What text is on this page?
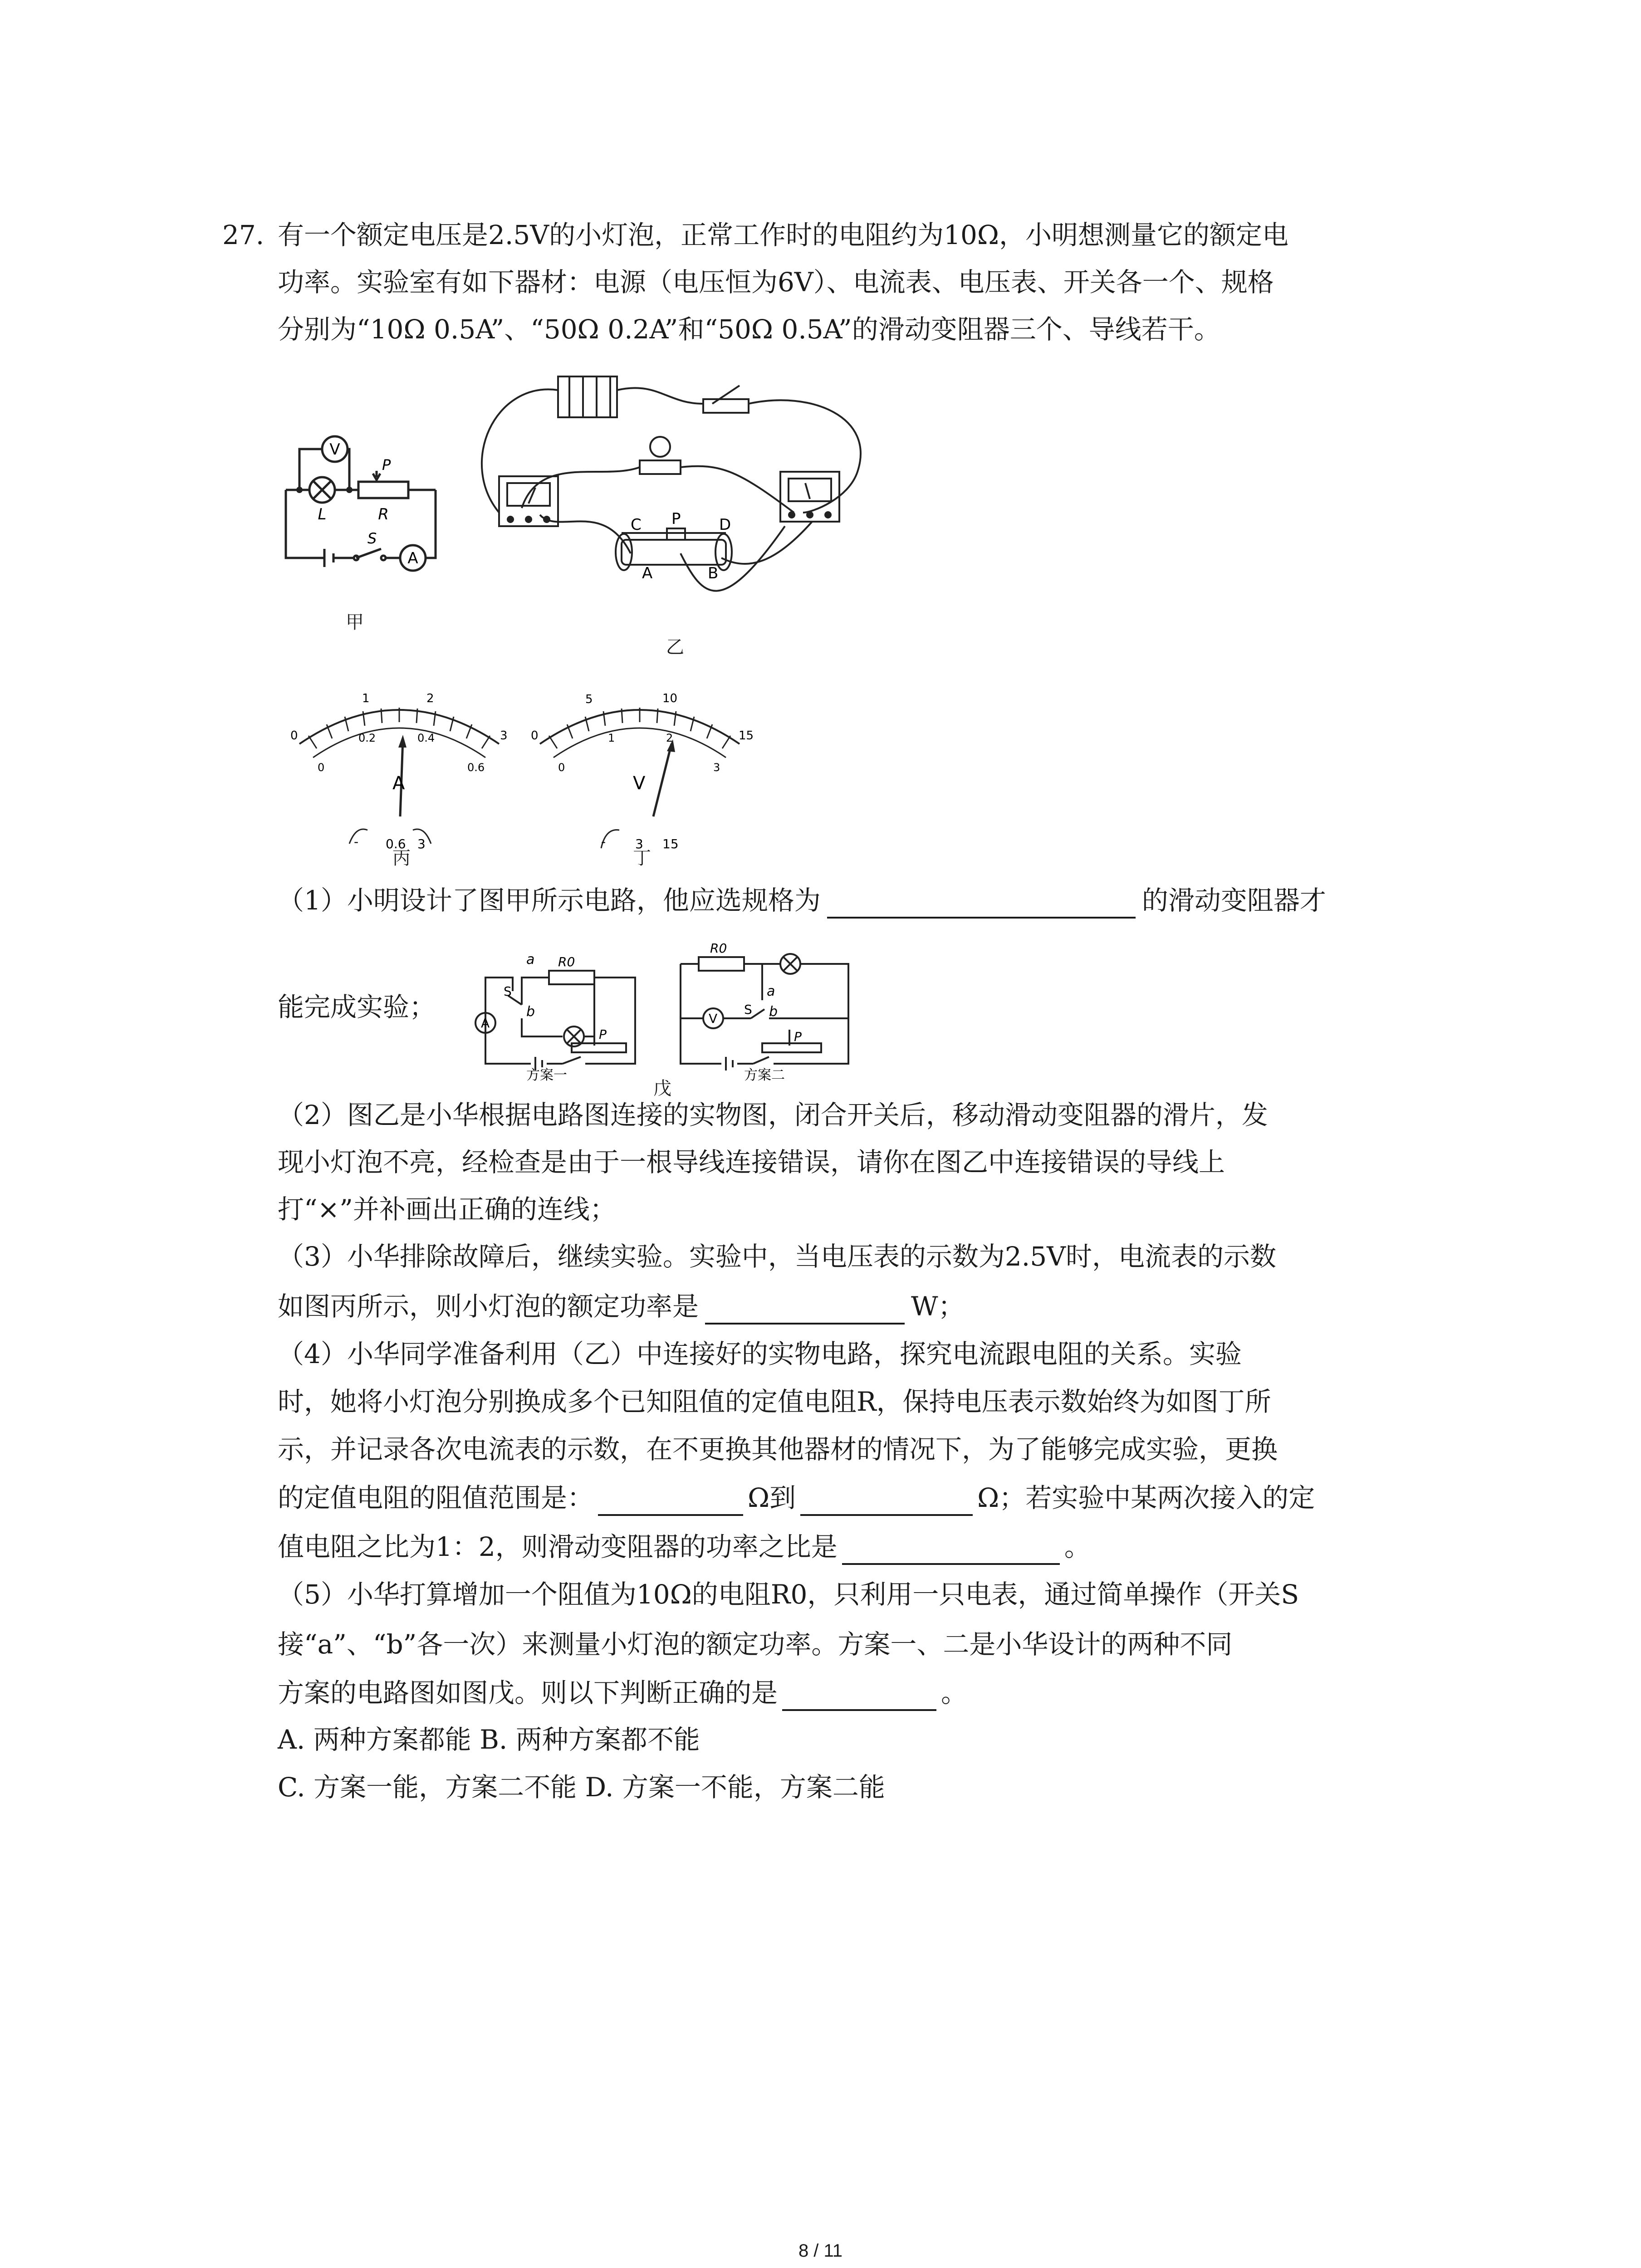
27. 有一个额定电压是2.5V的小灯泡，正常工作时的电阻约为10Ω，小明想测量它的额定电
功率。实验室有如下器材：电源（电压恒为6V）、电流表、电压表、开关各一个、规格
分别为“10Ω 0.5A”、“50Ω 0.2A”和“50Ω 0.5A”的滑动变阻器三个、导线若干。
V
A
L	R
P
S
甲
C P D
A	B
乙
0
1	2
3
0
0.2	0.4
0.6
A
- 0.6 3
丙
0
5	10
15
0
1	2
3
V
- 3 15
丁
（1）小明设计了图甲所示电路，他应选规格为	的滑动变阻器才
能完成实验；
a
b
S
R0
P
A
方案一
R0
a
b
S
P
V
方案二
戊
（2）图乙是小华根据电路图连接的实物图，闭合开关后，移动滑动变阻器的滑片，发
现小灯泡不亮，经检查是由于一根导线连接错误，请你在图乙中连接错误的导线上
打“×”并补画出正确的连线；
（3）小华排除故障后，继续实验。实验中，当电压表的示数为2.5V时，电流表的示数
如图丙所示，则小灯泡的额定功率是	W；
（4）小华同学准备利用（乙）中连接好的实物电路，探究电流跟电阻的关系。实验
时，她将小灯泡分别换成多个已知阻值的定值电阻R，保持电压表示数始终为如图丁所
示，并记录各次电流表的示数，在不更换其他器材的情况下，为了能够完成实验，更换
的定值电阻的阻值范围是：	Ω到	Ω；若实验中某两次接入的定
值电阻之比为1：2，则滑动变阻器的功率之比是	。
（5）小华打算增加一个阻值为10Ω的电阻R0，只利用一只电表，通过简单操作（开关S
接“a”、“b”各一次）来测量小灯泡的额定功率。方案一、二是小华设计的两种不同
方案的电路图如图戊。则以下判断正确的是	。
A. 两种方案都能 B. 两种方案都不能
C. 方案一能，方案二不能 D. 方案一不能，方案二能
8 / 11
